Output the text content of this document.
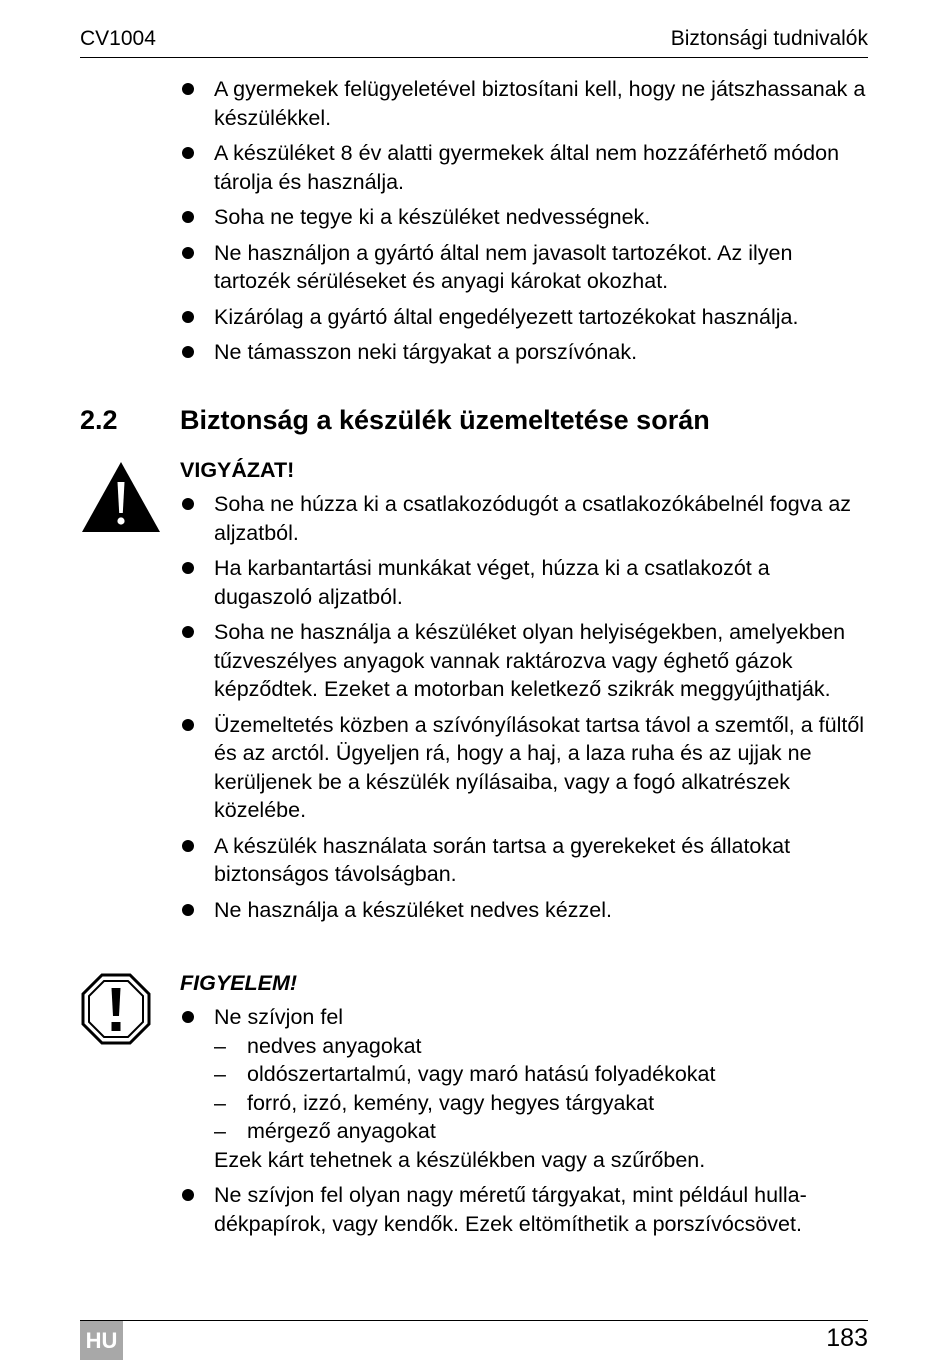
CV1004	Biztonsági tudnivalók
A gyermekek felügyeletével biztosítani kell, hogy ne játszhassanak a készülékkel.
A készüléket 8 év alatti gyermekek által nem hozzáférhető módon tárolja és használja.
Soha ne tegye ki a készüléket nedvességnek.
Ne használjon a gyártó által nem javasolt tartozékot. Az ilyen tartozék sérüléseket és anyagi károkat okozhat.
Kizárólag a gyártó által engedélyezett tartozékokat használja.
Ne támasszon neki tárgyakat a porszívónak.
2.2 Biztonság a készülék üzemeltetése során
VIGYÁZAT!
Soha ne húzza ki a csatlakozódugót a csatlakozókábelnél fogva az aljzatból.
Ha karbantartási munkákat véget, húzza ki a csatlakozót a dugaszoló aljzatból.
Soha ne használja a készüléket olyan helyiségekben, amelyekben tűzveszélyes anyagok vannak raktározva vagy éghető gázok képződtek. Ezeket a motorban keletkező szikrák meggyújthatják.
Üzemeltetés közben a szívónyílásokat tartsa távol a szemtől, a fültől és az arctól. Ügyeljen rá, hogy a haj, a laza ruha és az ujjak ne kerüljenek be a készülék nyílásaiba, vagy a fogó alkatrészek közelébe.
A készülék használata során tartsa a gyerekeket és állatokat biztonságos távolságban.
Ne használja a készüléket nedves kézzel.
FIGYELEM!
Ne szívjon fel
– nedves anyagokat
– oldószertartalmú, vagy maró hatású folyadékokat
– forró, izzó, kemény, vagy hegyes tárgyakat
– mérgező anyagokat
Ezek kárt tehetnek a készülékben vagy a szűrőben.
Ne szívjon fel olyan nagy méretű tárgyakat, mint például hulladékpapírok, vagy kendők. Ezek eltömíthetik a porszívócsövet.
HU	183
